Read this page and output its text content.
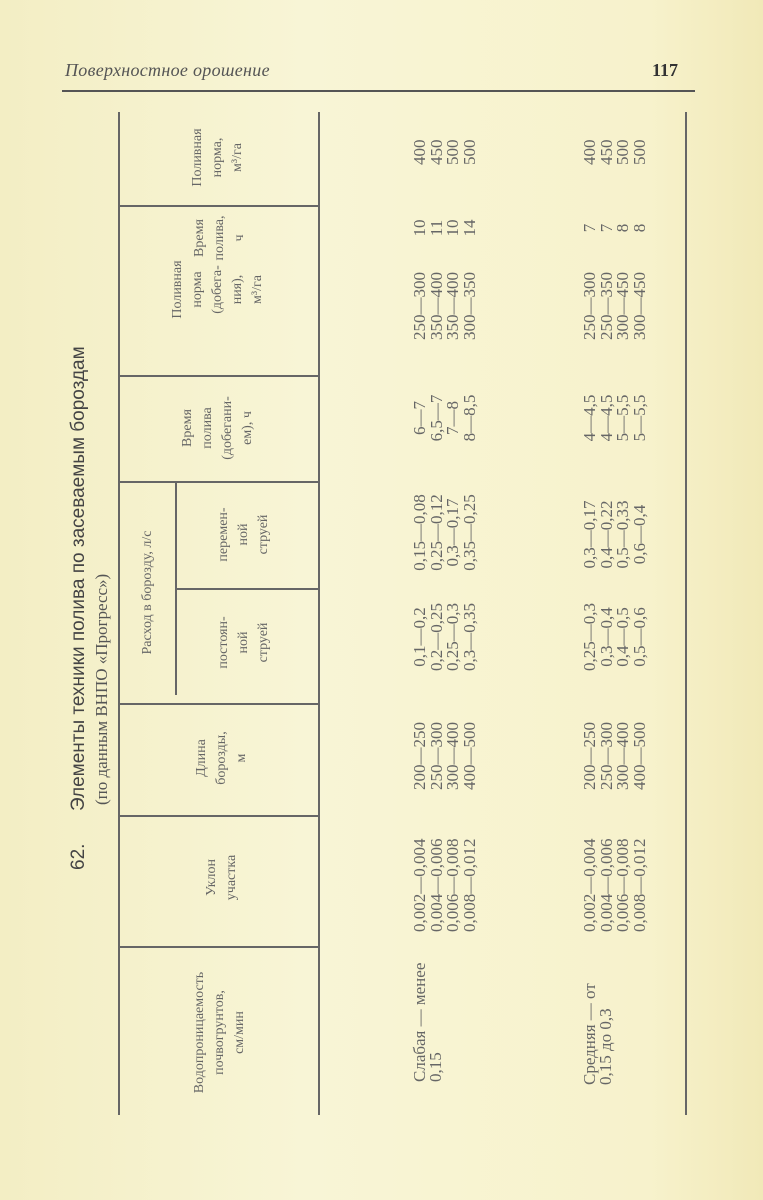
Поверхностное орошение	117
62.  Элементы техники полива по засеваемым бороздам (по данным ВНПО «Прогресс»)
Водопроницаемость почвогрунтов, см/мин
Уклон участка
Длина борозды, м
Расход в борозду, л/с	постоян- ной струей
перемен- ной струей
Время полива (добегани- ем), ч
Поливная норма (добега- ния), м³/га
Время полива, ч
Поливная норма, м³/га
Слабая — менее
0,15
0,002—0,004
0,004—0,006
0,006—0,008
0,008—0,012
200—250
250—300
300—400
400—500
0,1—0,2
0,2—0,25
0,25—0,3
0,3—0,35
0,15—0,08
0,25—0,12
0,3—0,17
0,35—0,25
6—7
6,5—7
7—8
8—8,5
250—300
350—400
350—400
300—350
10
11
10
14
400
450
500
500
Средняя — от
0,15 до 0,3
0,002—0,004
0,004—0,006
0,006—0,008
0,008—0,012
200—250
250—300
300—400
400—500
0,25—0,3
0,3—0,4
0,4—0,5
0,5—0,6
0,3—0,17
0,4—0,22
0,5—0,33
0,6—0,4
4—4,5
4—4,5
5—5,5
5—5,5
250—300
250—350
300—450
300—450
7
7
8
8
400
450
500
500
